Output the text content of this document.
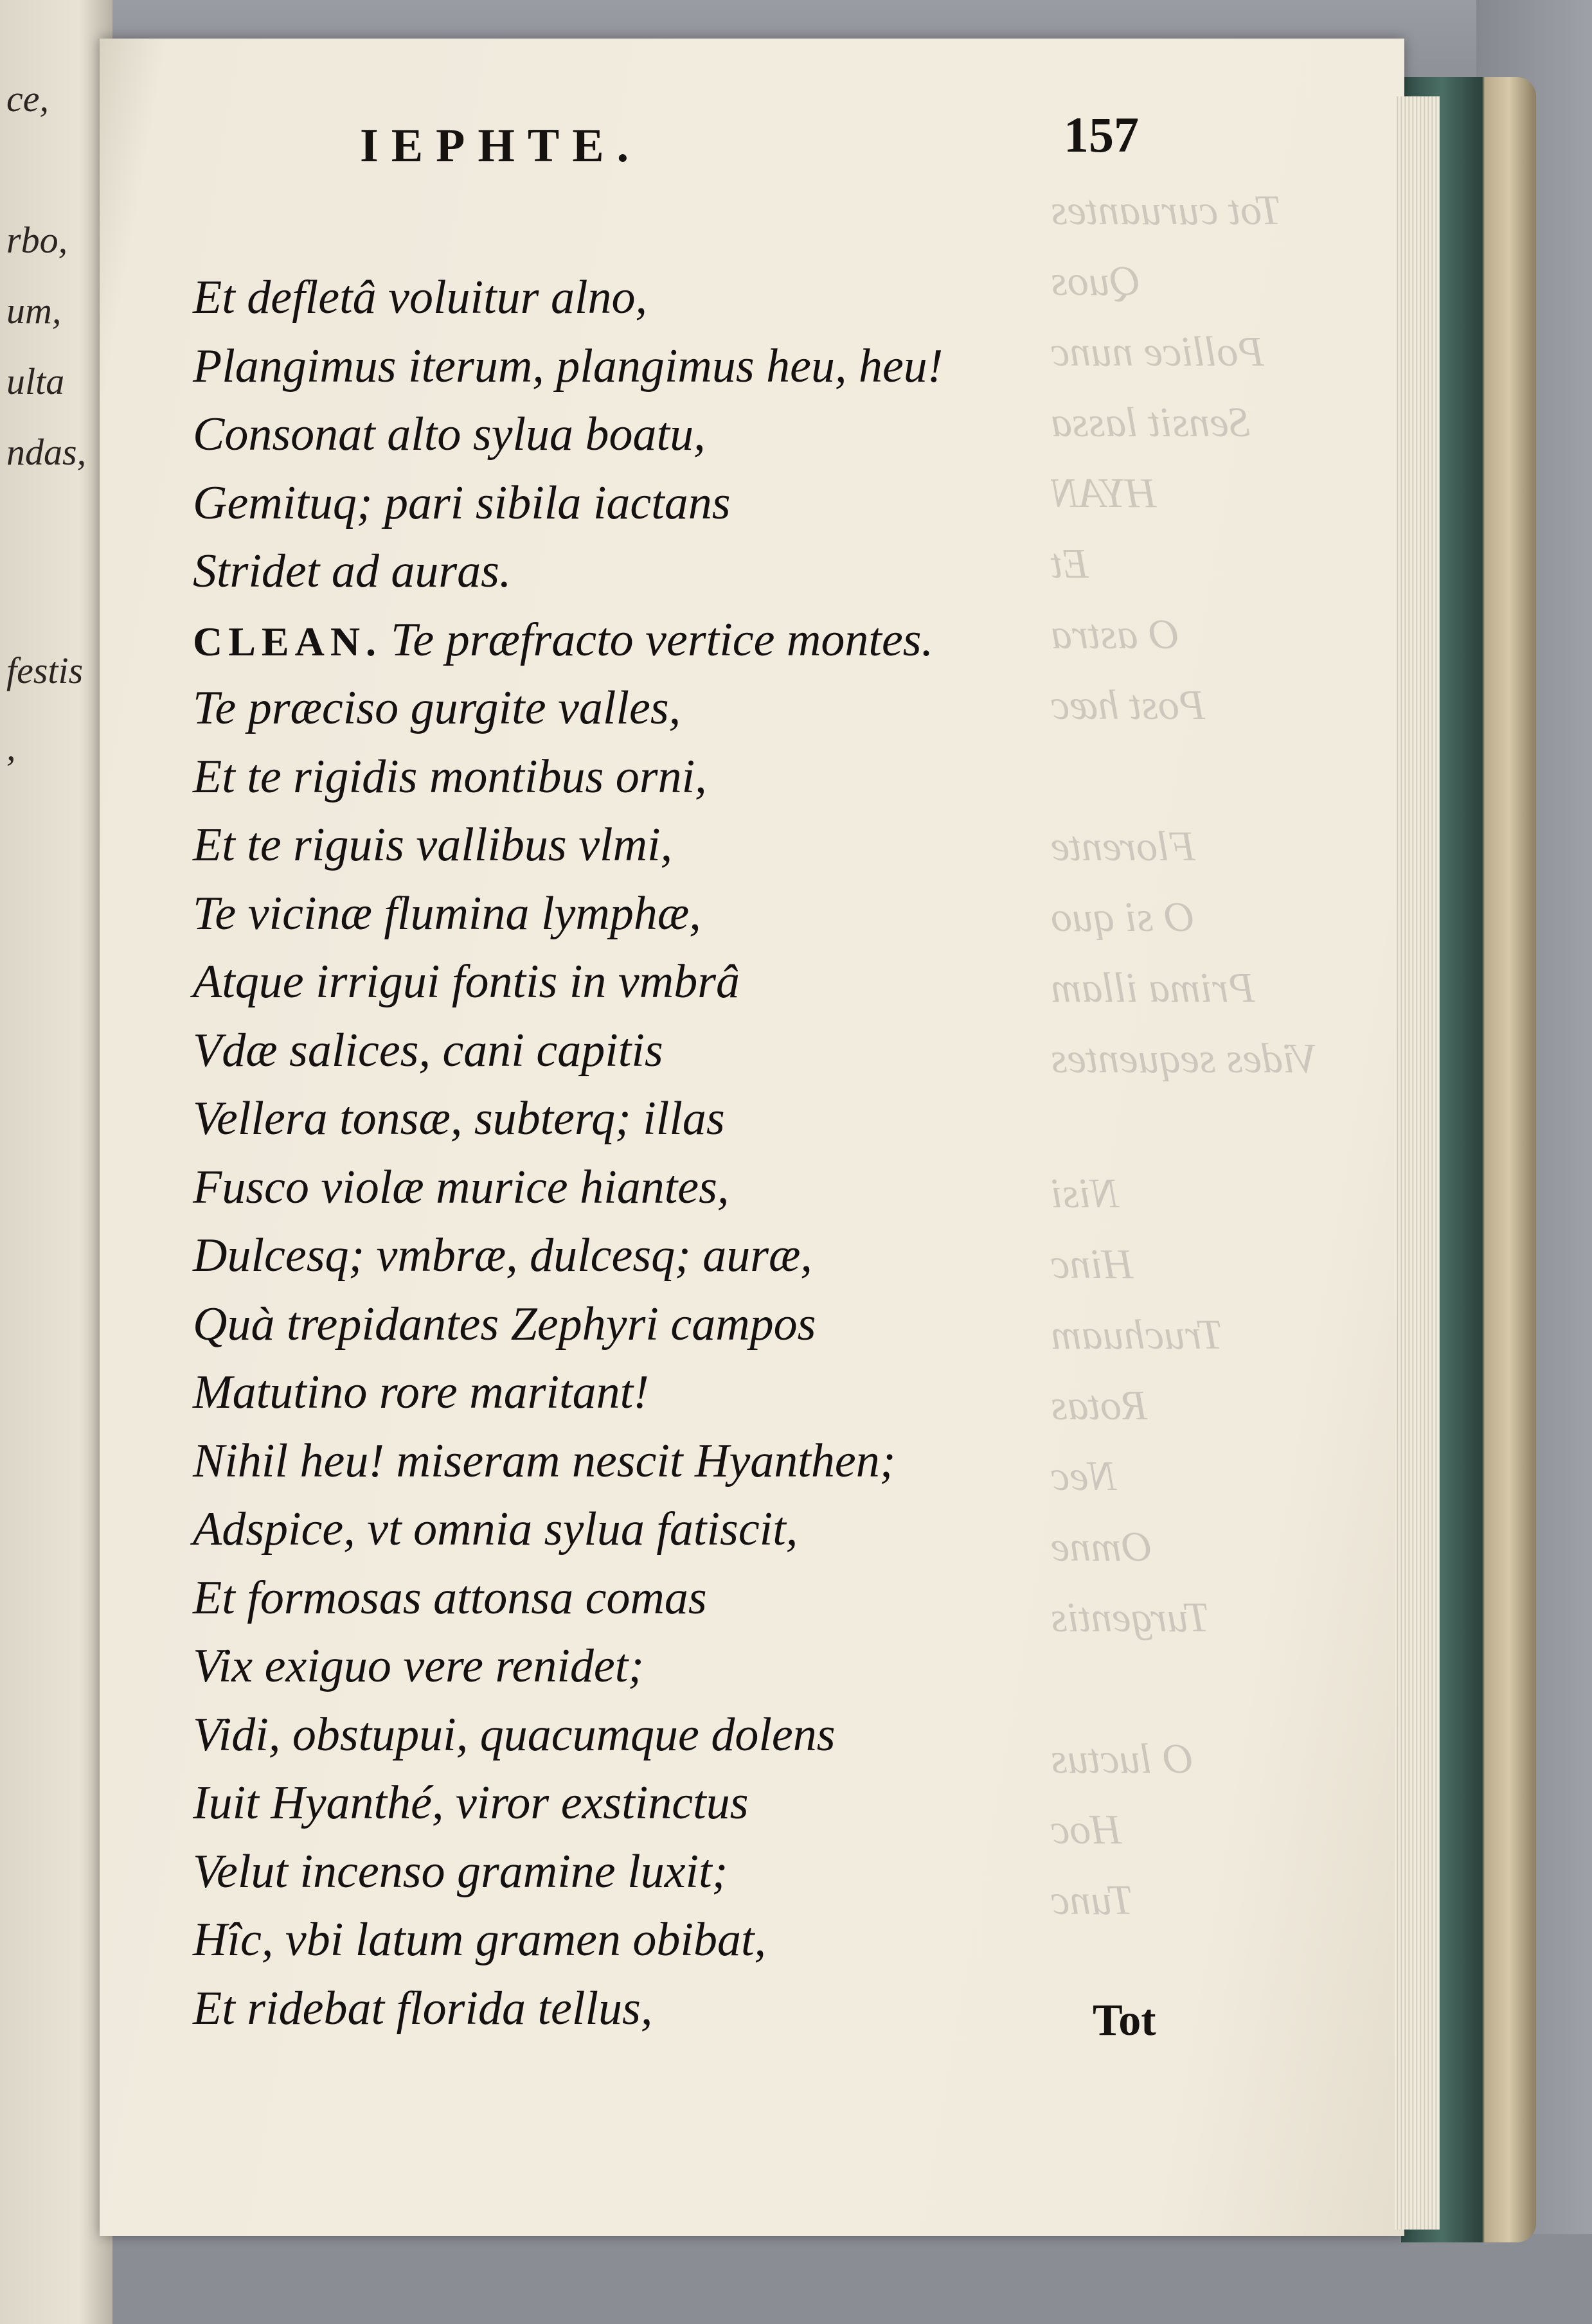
ce,
rbo,
um,
ulta
ndas,
festis
,
Tot curuantes
Quos
Pollice nunc
Sensit lassa
HYAN
Et
O astra
Post hæc
Florente
O si quo
Prima illam
Vides sequentes
Nisi
Hinc
Truchuam
Rotas
Nec
Omne
Turgentis
O luctus
Hoc
Tunc
IEPHTE.	157
Et defletâ voluitur alno,
Plangimus iterum, plangimus heu, heu!
Consonat alto sylua boatu,
Gemituq; pari sibila iactans
Stridet ad auras.
CLEAN. Te præfracto vertice montes.
Te præciso gurgite valles,
Et te rigidis montibus orni,
Et te riguis vallibus vlmi,
Te vicinæ flumina lymphæ,
Atque irrigui fontis in vmbrâ
Vdæ salices, cani capitis
Vellera tonsæ, subterq; illas
Fusco violæ murice hiantes,
Dulcesq; vmbræ, dulcesq; auræ,
Quà trepidantes Zephyri campos
Matutino rore maritant!
Nihil heu! miseram nescit Hyanthen;
Adspice, vt omnia sylua fatiscit,
Et formosas attonsa comas
Vix exiguo vere renidet;
Vidi, obstupui, quacumque dolens
Iuit Hyanthé, viror exstinctus
Velut incenso gramine luxit;
Hîc, vbi latum gramen obibat,
Et ridebat florida tellus,	Tot
